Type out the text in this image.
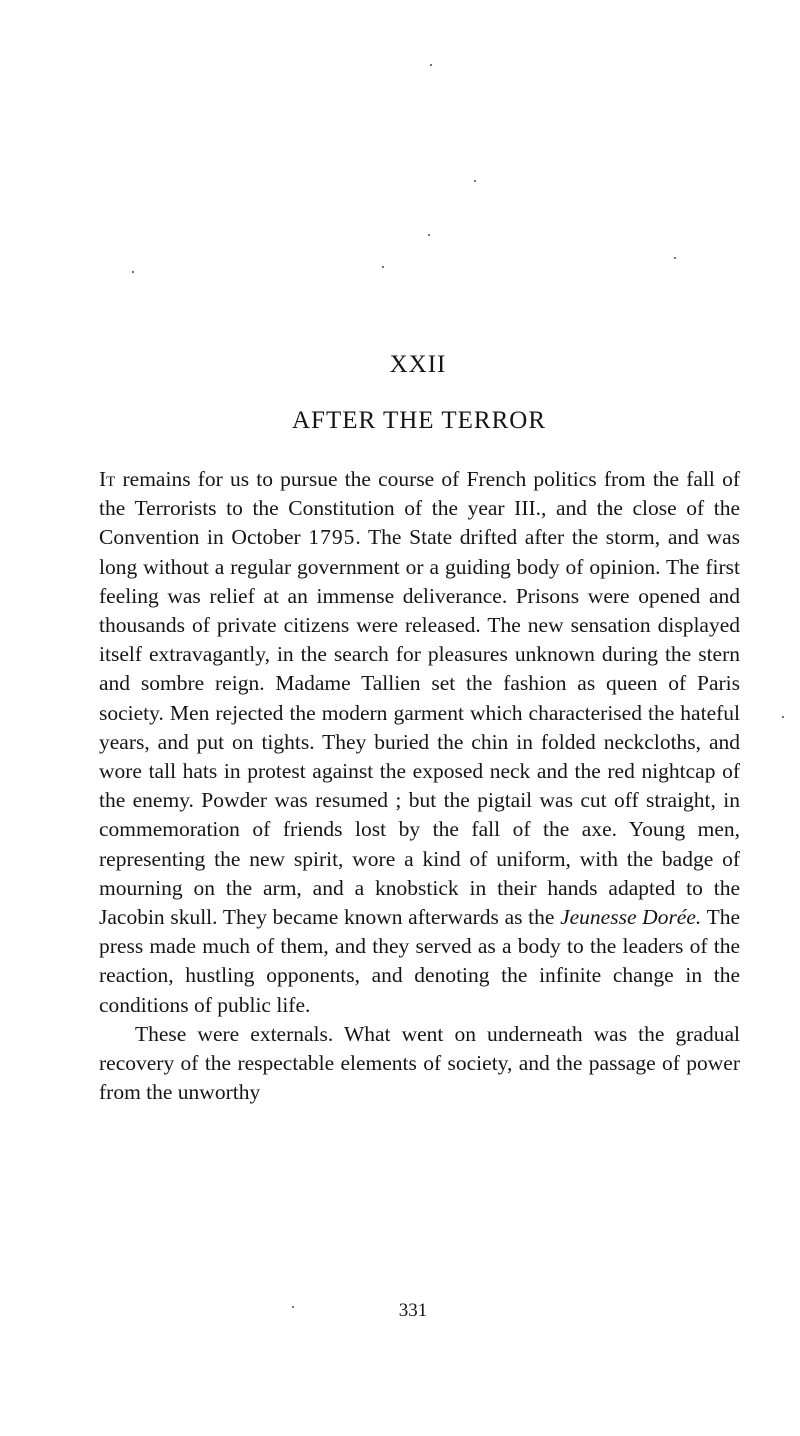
XXII
AFTER THE TERROR

It remains for us to pursue the course of French politics from the fall of the Terrorists to the Constitution of the year III., and the close of the Convention in October 1795. The State drifted after the storm, and was long without a regular government or a guiding body of opinion. The first feeling was relief at an immense deliverance. Prisons were opened and thousands of private citizens were released. The new sensation displayed itself extravagantly, in the search for pleasures unknown during the stern and sombre reign. Madame Tallien set the fashion as queen of Paris society. Men rejected the modern garment which characterised the hateful years, and put on tights. They buried the chin in folded neckcloths, and wore tall hats in protest against the exposed neck and the red nightcap of the enemy. Powder was resumed ; but the pigtail was cut off straight, in commemoration of friends lost by the fall of the axe. Young men, representing the new spirit, wore a kind of uniform, with the badge of mourning on the arm, and a knobstick in their hands adapted to the Jacobin skull. They became known afterwards as the Jeunesse Dorée. The press made much of them, and they served as a body to the leaders of the reaction, hustling opponents, and denoting the infinite change in the conditions of public life.

These were externals. What went on underneath was the gradual recovery of the respectable elements of society, and the passage of power from the unworthy

331
